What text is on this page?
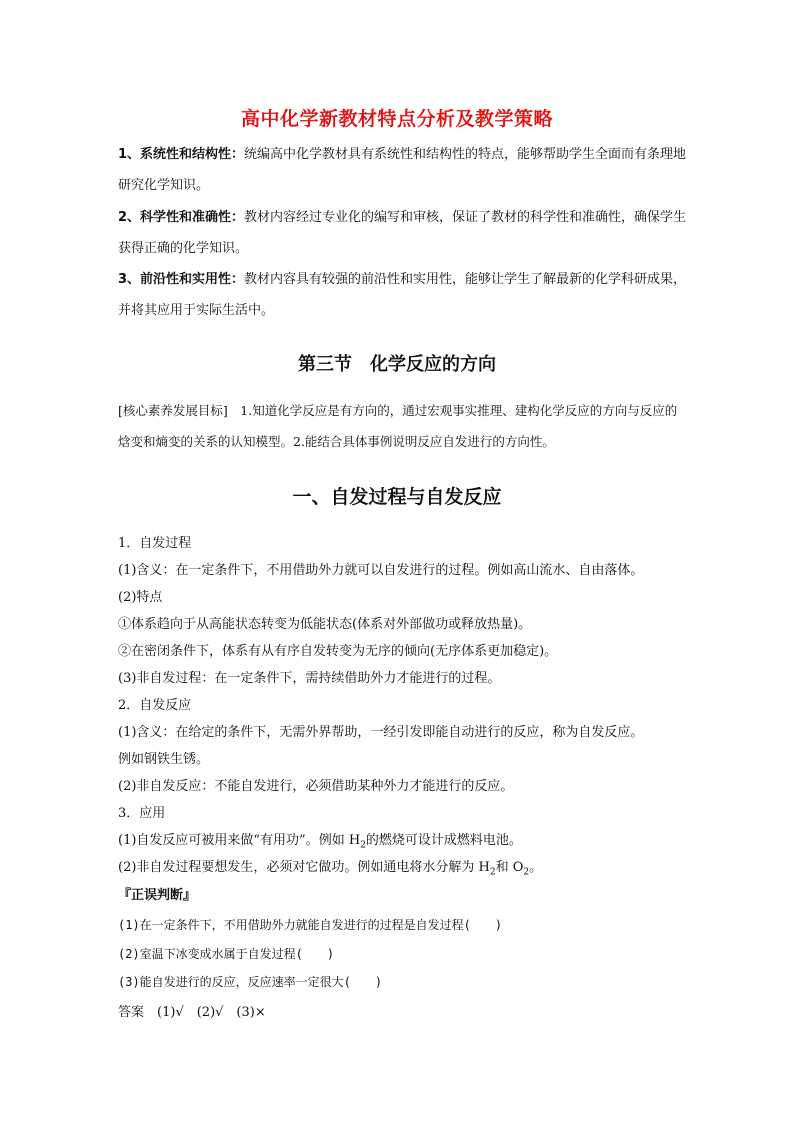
高中化学新教材特点分析及教学策略
1、系统性和结构性：统编高中化学教材具有系统性和结构性的特点，能够帮助学生全面而有条理地研究化学知识。
2、科学性和准确性：教材内容经过专业化的编写和审核，保证了教材的科学性和准确性，确保学生获得正确的化学知识。
3、前沿性和实用性：教材内容具有较强的前沿性和实用性，能够让学生了解最新的化学科研成果，并将其应用于实际生活中。
第三节　化学反应的方向
[核心素养发展目标]　 1.知道化学反应是有方向的，通过宏观事实推理、建构化学反应的方向与反应的焓变和熵变的关系的认知模型。2.能结合具体事例说明反应自发进行的方向性。
一、自发过程与自发反应
1．自发过程
(1)含义：在一定条件下，不用借助外力就可以自发进行的过程。例如高山流水、自由落体。
(2)特点
①体系趋向于从高能状态转变为低能状态(体系对外部做功或释放热量)。
②在密闭条件下，体系有从有序自发转变为无序的倾向(无序体系更加稳定)。
(3)非自发过程：在一定条件下，需持续借助外力才能进行的过程。
2．自发反应
(1)含义：在给定的条件下，无需外界帮助，一经引发即能自动进行的反应，称为自发反应。
例如钢铁生锈。
(2)非自发反应：不能自发进行，必须借助某种外力才能进行的反应。
3．应用
(1)自发反应可被用来做“有用功”。例如 $H_2$的燃烧可设计成燃料电池。
(2)非自发过程要想发生，必须对它做功。例如通电将水分解为 $H_2$和 $O_2$。
『正误判断』
(1)在一定条件下，不用借助外力就能自发进行的过程是自发过程(　　)
(2)室温下冰变成水属于自发过程(　　)
(3)能自发进行的反应，反应速率一定很大(　　)
答案　 (1)√　(2)√　(3)×
